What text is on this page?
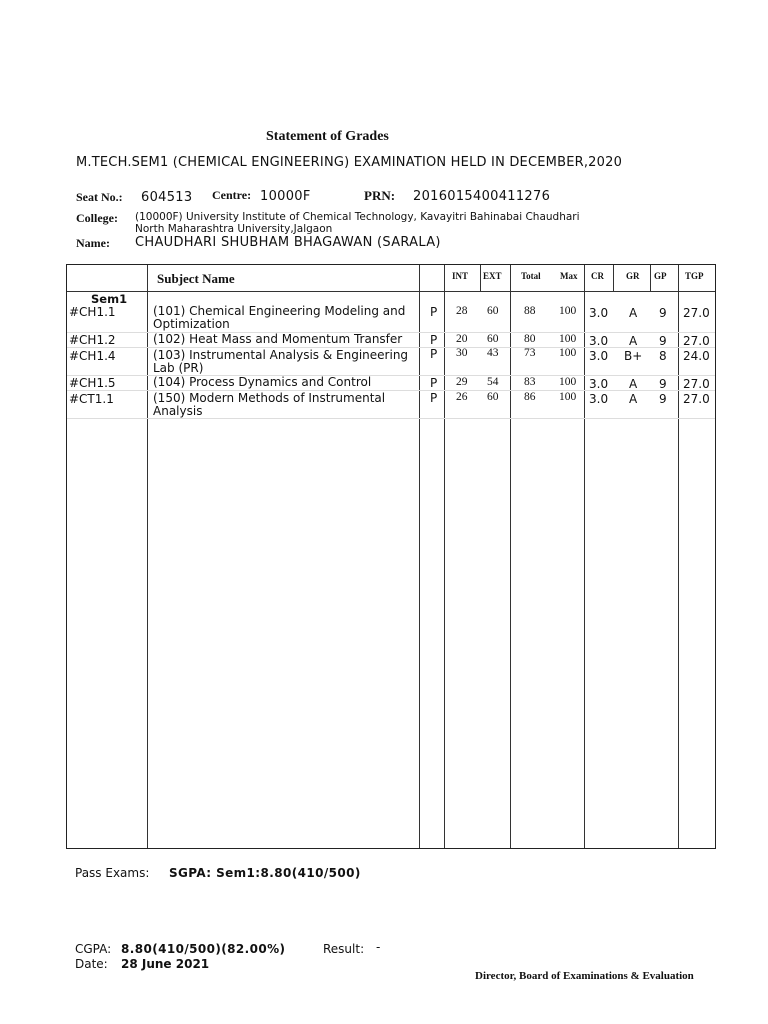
Statement of Grades
M.TECH.SEM1 (CHEMICAL ENGINEERING) EXAMINATION HELD IN DECEMBER,2020
Seat No.: 604513 Centre: 10000F	PRN: 2016015400411276
College: (10000F) University Institute of Chemical Technology, Kavayitri Bahinabai Chaudhari
North Maharashtra University,Jalgaon
Name: CHAUDHARI SHUBHAM BHAGAWAN (SARALA)
Subject Name	INT EXT Total Max CR GR GP TGP
Sem1
#CH1.1	(101) Chemical Engineering Modeling and Optimization
P 28 60 88 100 3.0 A 9 27.0
#CH1.2	(102) Heat Mass and Momentum Transfer	P 20 60 80 100 3.0 A 9 27.0
#CH1.4	(103) Instrumental Analysis & Engineering Lab (PR)
P 30 43 73 100 3.0 B+ 8 24.0
#CH1.5	(104) Process Dynamics and Control	P 29 54 83 100 3.0 A 9 27.0
#CT1.1	(150) Modern Methods of Instrumental Analysis
P 26 60 86 100 3.0 A 9 27.0
Pass Exams: SGPA: Sem1:8.80(410/500)
CGPA: 8.80(410/500)(82.00%)	Result: -
Date: 28 June 2021
Director, Board of Examinations & Evaluation
